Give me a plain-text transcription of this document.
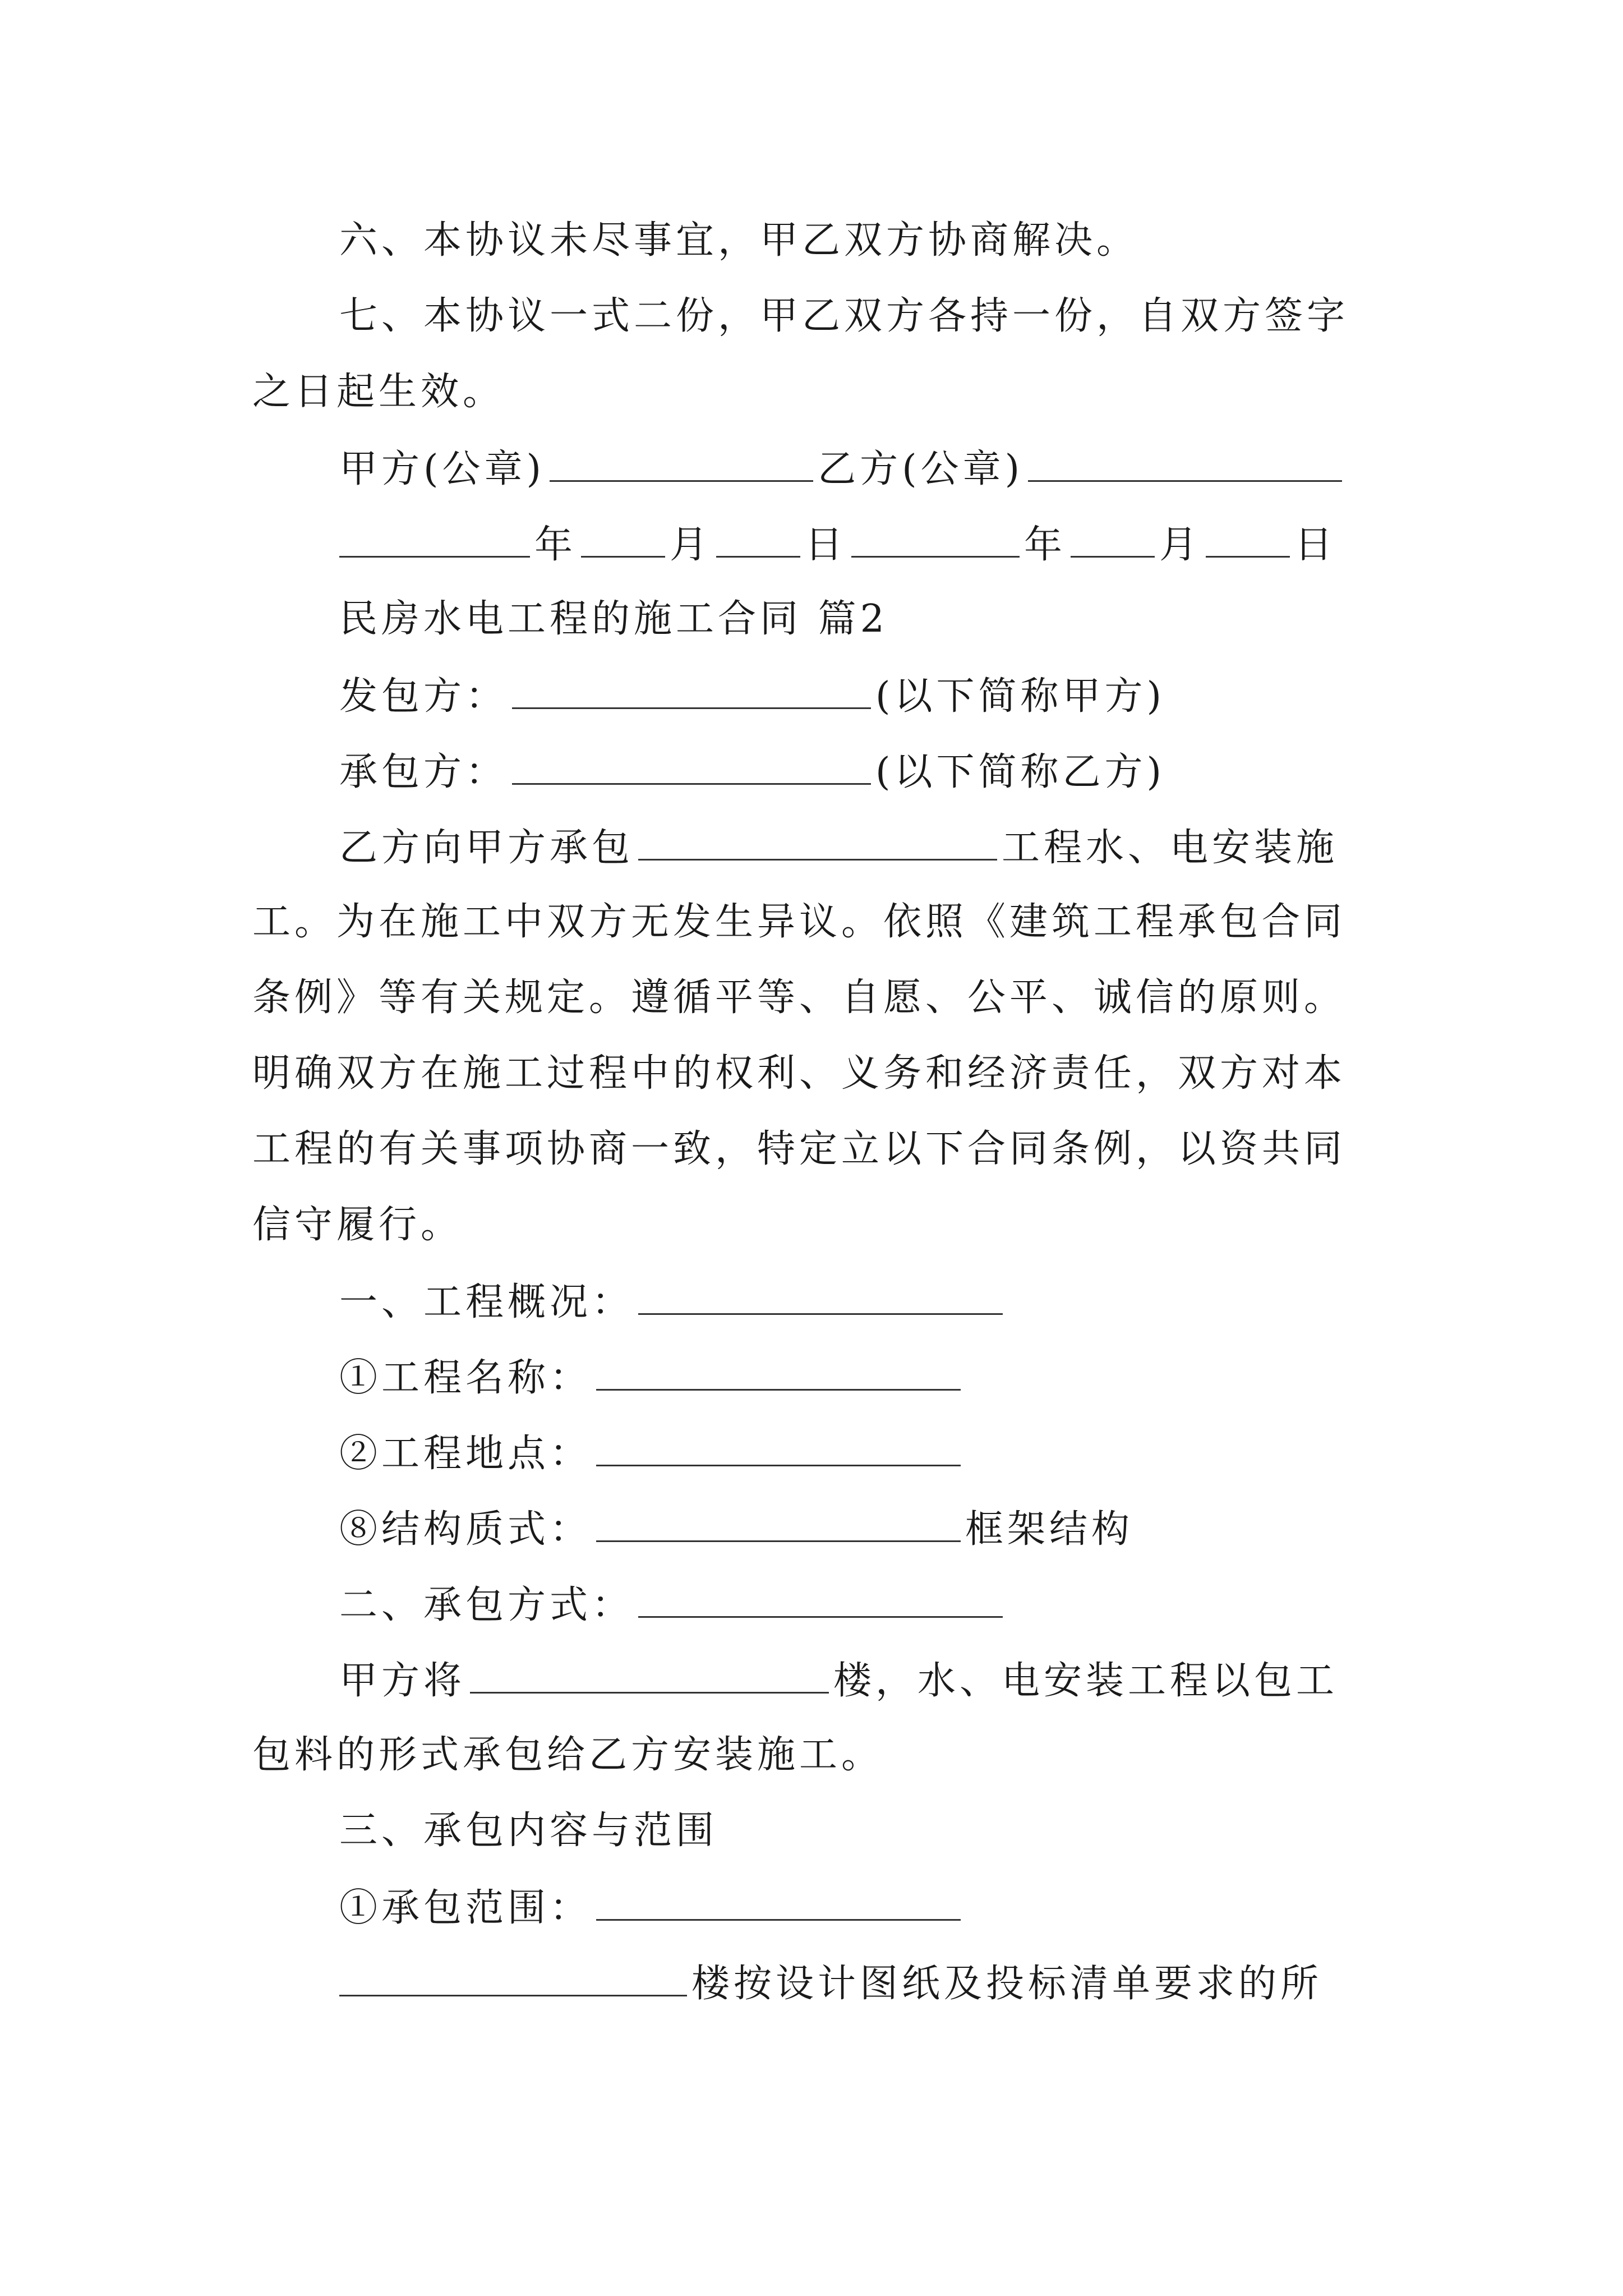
六、本协议未尽事宜，甲乙双方协商解决。
七、本协议一式二份，甲乙双方各持一份，自双方签字
之日起生效。
甲方(公章)	乙方(公章)
年 月 日	年 月 日
民房水电工程的施工合同 篇2
发包方：	(以下简称甲方)
承包方：	(以下简称乙方)
乙方向甲方承包	工程水、电安装施
工。为在施工中双方无发生异议。依照《建筑工程承包合同
条例》等有关规定。遵循平等、自愿、公平、诚信的原则。
明确双方在施工过程中的权利、义务和经济责任，双方对本
工程的有关事项协商一致，特定立以下合同条例，以资共同
信守履行。
一、工程概况：
①工程名称：
②工程地点：
⑧结构质式：	框架结构
二、承包方式：
甲方将	楼，水、电安装工程以包工
包料的形式承包给乙方安装施工。
三、承包内容与范围
①承包范围：
楼按设计图纸及投标清单要求的所
